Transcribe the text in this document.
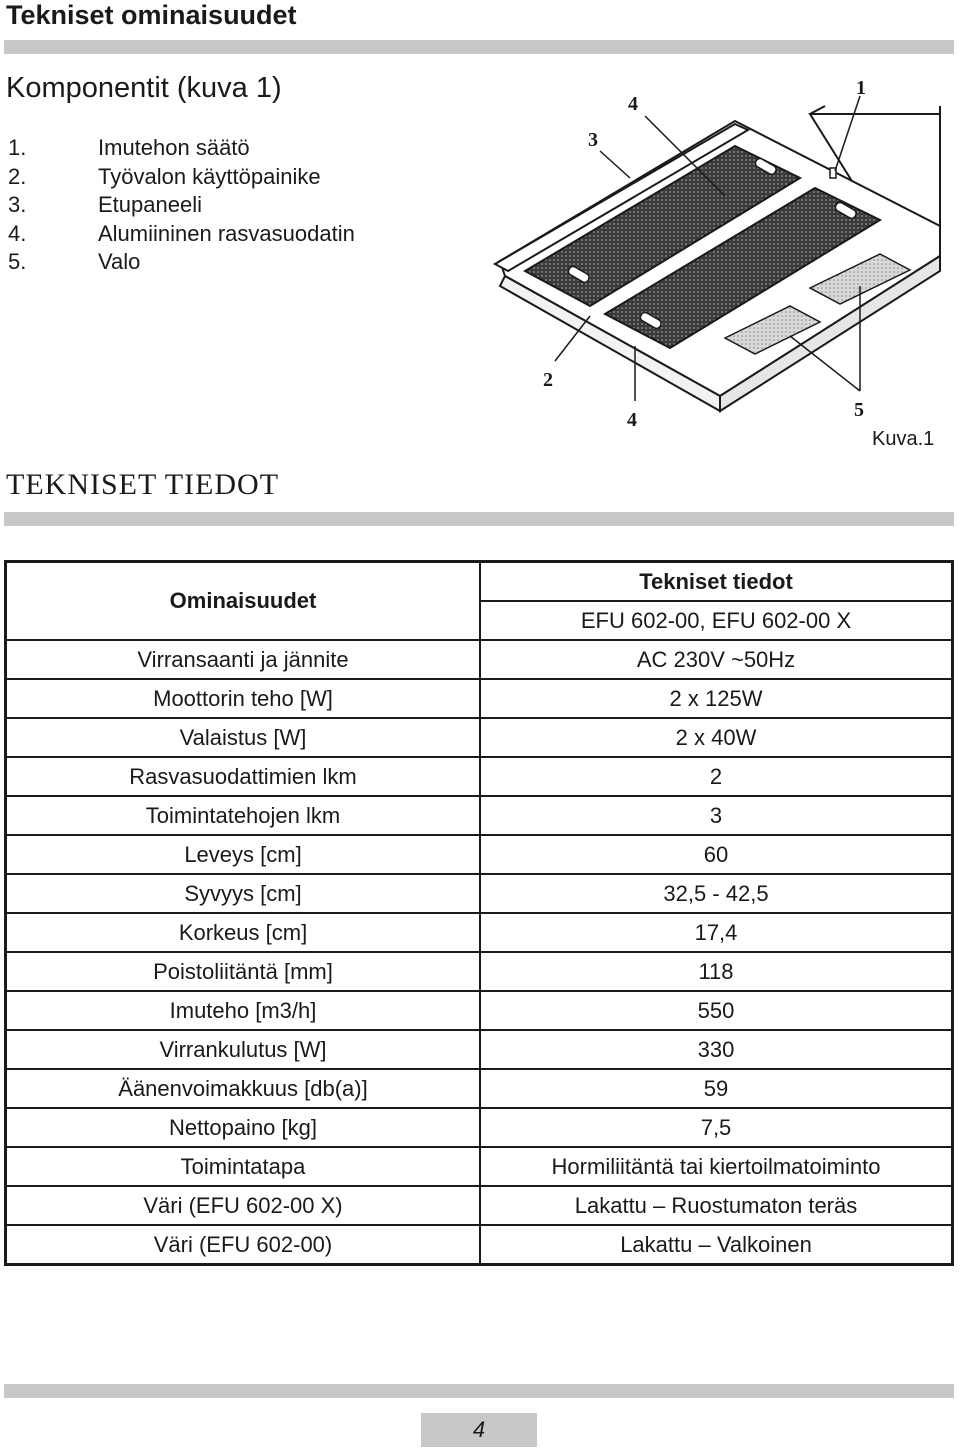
Tekniset ominaisuudet
Komponentit (kuva 1)
1.	Imutehon säätö
2.	Työvalon käyttöpainike
3.	Etupaneeli
4.	Alumiininen rasvasuodatin
5.	Valo
1
2
3
4
4	5
Kuva.1
TEKNISET TIEDOT
Ominaisuudet	Tekniset tiedot
	EFU 602-00, EFU 602-00 X
Virransaanti ja jännite	AC 230V ~50Hz
Moottorin teho [W]	2 x 125W
Valaistus [W]	2 x 40W
Rasvasuodattimien lkm	2
Toimintatehojen lkm	3
Leveys [cm]	60
Syvyys [cm]	32,5 - 42,5
Korkeus [cm]	17,4
Poistoliitäntä [mm]	118
Imuteho [m3/h]	550
Virrankulutus [W]	330
Äänenvoimakkuus [db(a)]	59
Nettopaino [kg]	7,5
Toimintatapa	Hormiliitäntä tai kiertoilmatoiminto
Väri (EFU 602-00 X)	Lakattu – Ruostumaton teräs
Väri (EFU 602-00)	Lakattu – Valkoinen
4
